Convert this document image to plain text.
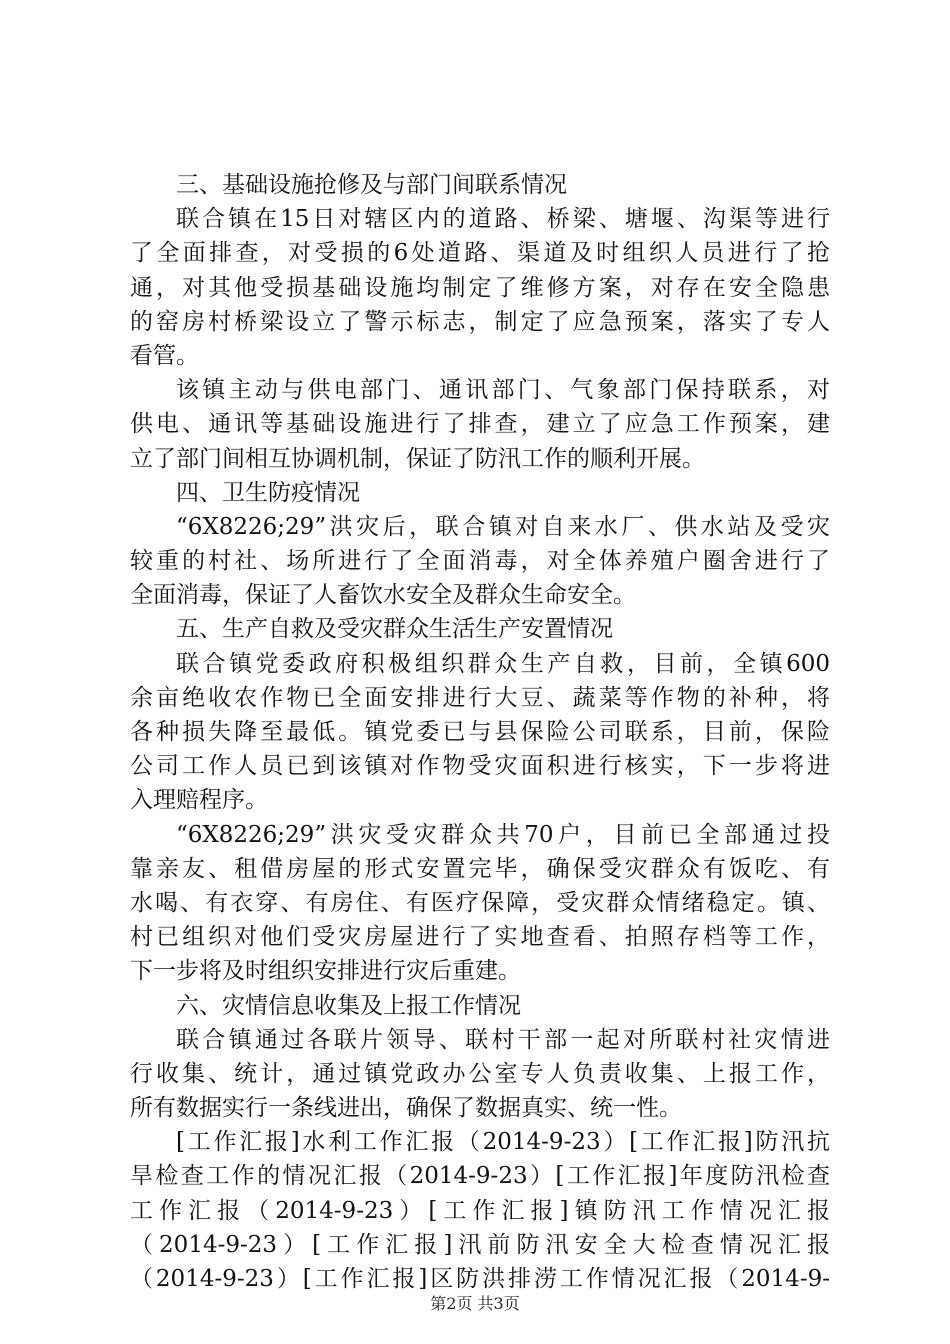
三、基础设施抢修及与部门间联系情况
联合镇在15日对辖区内的道路、桥梁、塘堰、沟渠等进行
了全面排查，对受损的6处道路、渠道及时组织人员进行了抢
通，对其他受损基础设施均制定了维修方案，对存在安全隐患
的窑房村桥梁设立了警示标志，制定了应急预案，落实了专人
看管。
该镇主动与供电部门、通讯部门、气象部门保持联系，对
供电、通讯等基础设施进行了排查，建立了应急工作预案，建
立了部门间相互协调机制，保证了防汛工作的顺利开展。
四、卫生防疫情况
“6X8226;29”洪灾后，联合镇对自来水厂、供水站及受灾
较重的村社、场所进行了全面消毒，对全体养殖户圈舍进行了
全面消毒，保证了人畜饮水安全及群众生命安全。
五、生产自救及受灾群众生活生产安置情况
联合镇党委政府积极组织群众生产自救，目前，全镇600
余亩绝收农作物已全面安排进行大豆、蔬菜等作物的补种，将
各种损失降至最低。镇党委已与县保险公司联系，目前，保险
公司工作人员已到该镇对作物受灾面积进行核实，下一步将进
入理赔程序。
“6X8226;29”洪灾受灾群众共70户，目前已全部通过投
靠亲友、租借房屋的形式安置完毕，确保受灾群众有饭吃、有
水喝、有衣穿、有房住、有医疗保障，受灾群众情绪稳定。镇、
村已组织对他们受灾房屋进行了实地查看、拍照存档等工作，
下一步将及时组织安排进行灾后重建。
六、灾情信息收集及上报工作情况
联合镇通过各联片领导、联村干部一起对所联村社灾情进
行收集、统计，通过镇党政办公室专人负责收集、上报工作，
所有数据实行一条线进出，确保了数据真实、统一性。
[工作汇报]水利工作汇报（2014-9-23）[工作汇报]防汛抗
旱检查工作的情况汇报（2014-9-23）[工作汇报]年度防汛检查
工作汇报（2014-9-23）[工作汇报]镇防汛工作情况汇报
（2014-9-23）[工作汇报]汛前防汛安全大检查情况汇报
（2014-9-23）[工作汇报]区防洪排涝工作情况汇报（2014-9-
第2页 共3页
